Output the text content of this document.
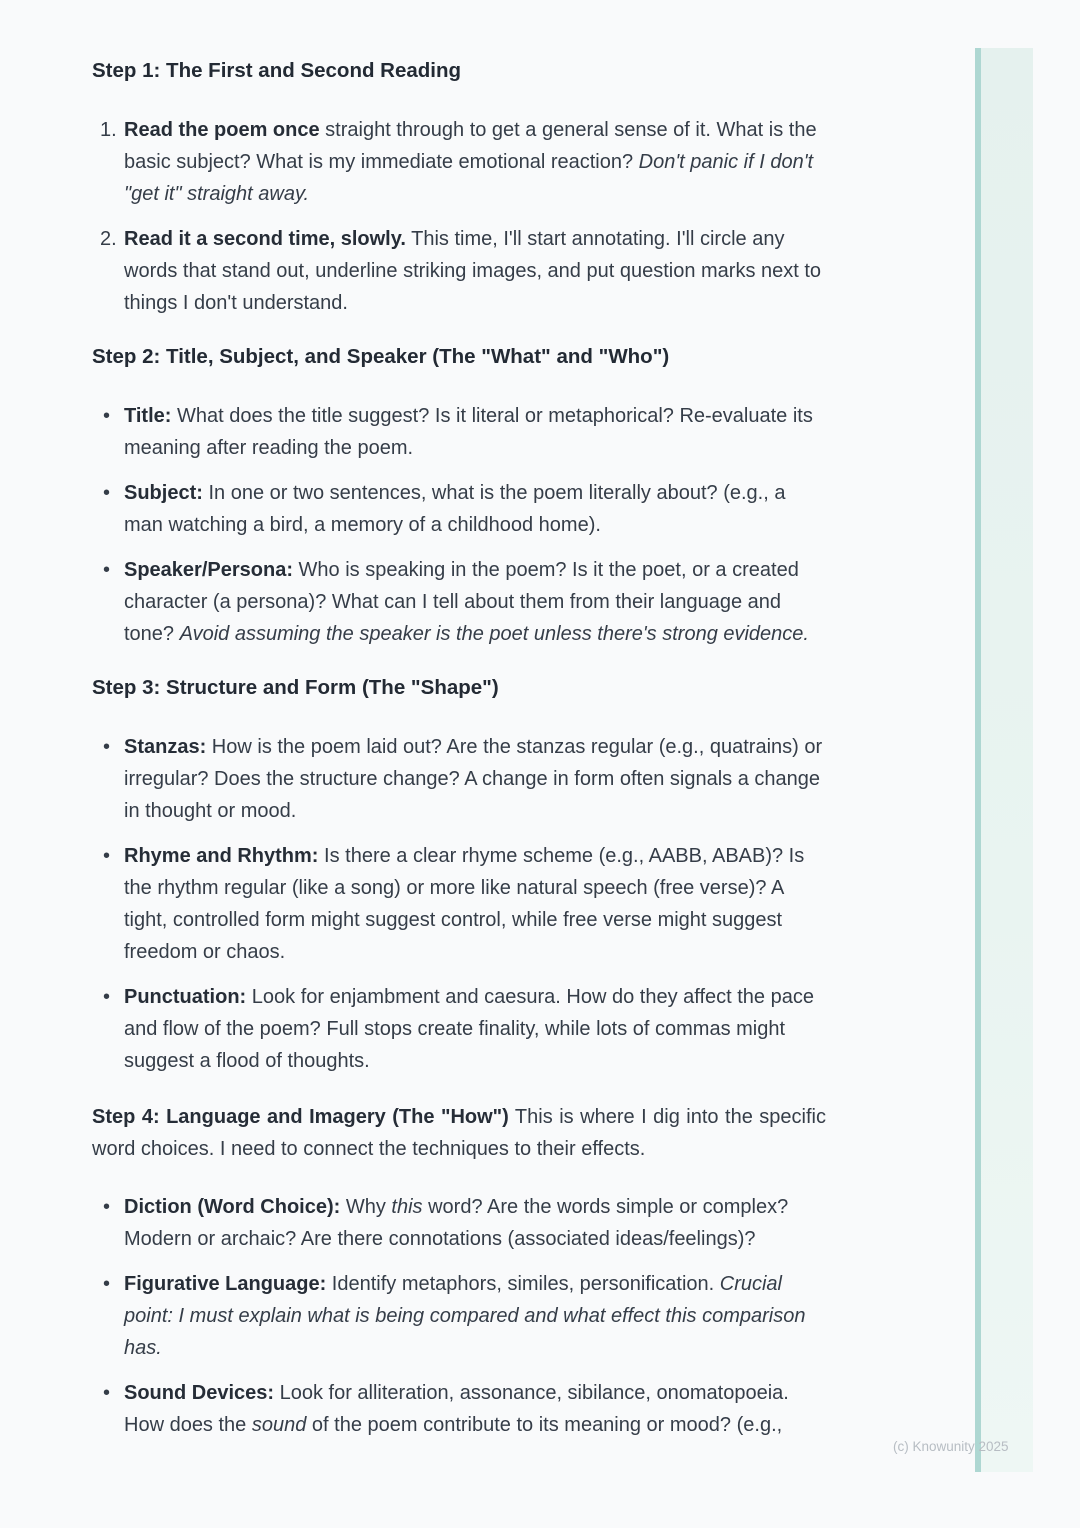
(c) Knowunity 2025
Step 1: The First and Second Reading
1. Read the poem once straight through to get a general sense of it. What is the basic subject? What is my immediate emotional reaction? Don't panic if I don't "get it" straight away.

2. Read it a second time, slowly. This time, I'll start annotating. I'll circle any words that stand out, underline striking images, and put question marks next to things I don't understand.

Step 2: Title, Subject, and Speaker (The "What" and "Who")
• Title: What does the title suggest? Is it literal or metaphorical? Re-evaluate its meaning after reading the poem.

• Subject: In one or two sentences, what is the poem literally about? (e.g., a man watching a bird, a memory of a childhood home).

• Speaker/Persona: Who is speaking in the poem? Is it the poet, or a created character (a persona)? What can I tell about them from their language and tone? Avoid assuming the speaker is the poet unless there's strong evidence.

Step 3: Structure and Form (The "Shape")
• Stanzas: How is the poem laid out? Are the stanzas regular (e.g., quatrains) or irregular? Does the structure change? A change in form often signals a change in thought or mood.

• Rhyme and Rhythm: Is there a clear rhyme scheme (e.g., AABB, ABAB)? Is the rhythm regular (like a song) or more like natural speech (free verse)? A tight, controlled form might suggest control, while free verse might suggest freedom or chaos.

• Punctuation: Look for enjambment and caesura. How do they affect the pace and flow of the poem? Full stops create finality, while lots of commas might suggest a flood of thoughts.

Step 4: Language and Imagery (The "How") This is where I dig into the specific word choices. I need to connect the techniques to their effects.

• Diction (Word Choice): Why this word? Are the words simple or complex? Modern or archaic? Are there connotations (associated ideas/feelings)?

• Figurative Language: Identify metaphors, similes, personification. Crucial point: I must explain what is being compared and what effect this comparison has.

• Sound Devices: Look for alliteration, assonance, sibilance, onomatopoeia. How does the sound of the poem contribute to its meaning or mood? (e.g.,
